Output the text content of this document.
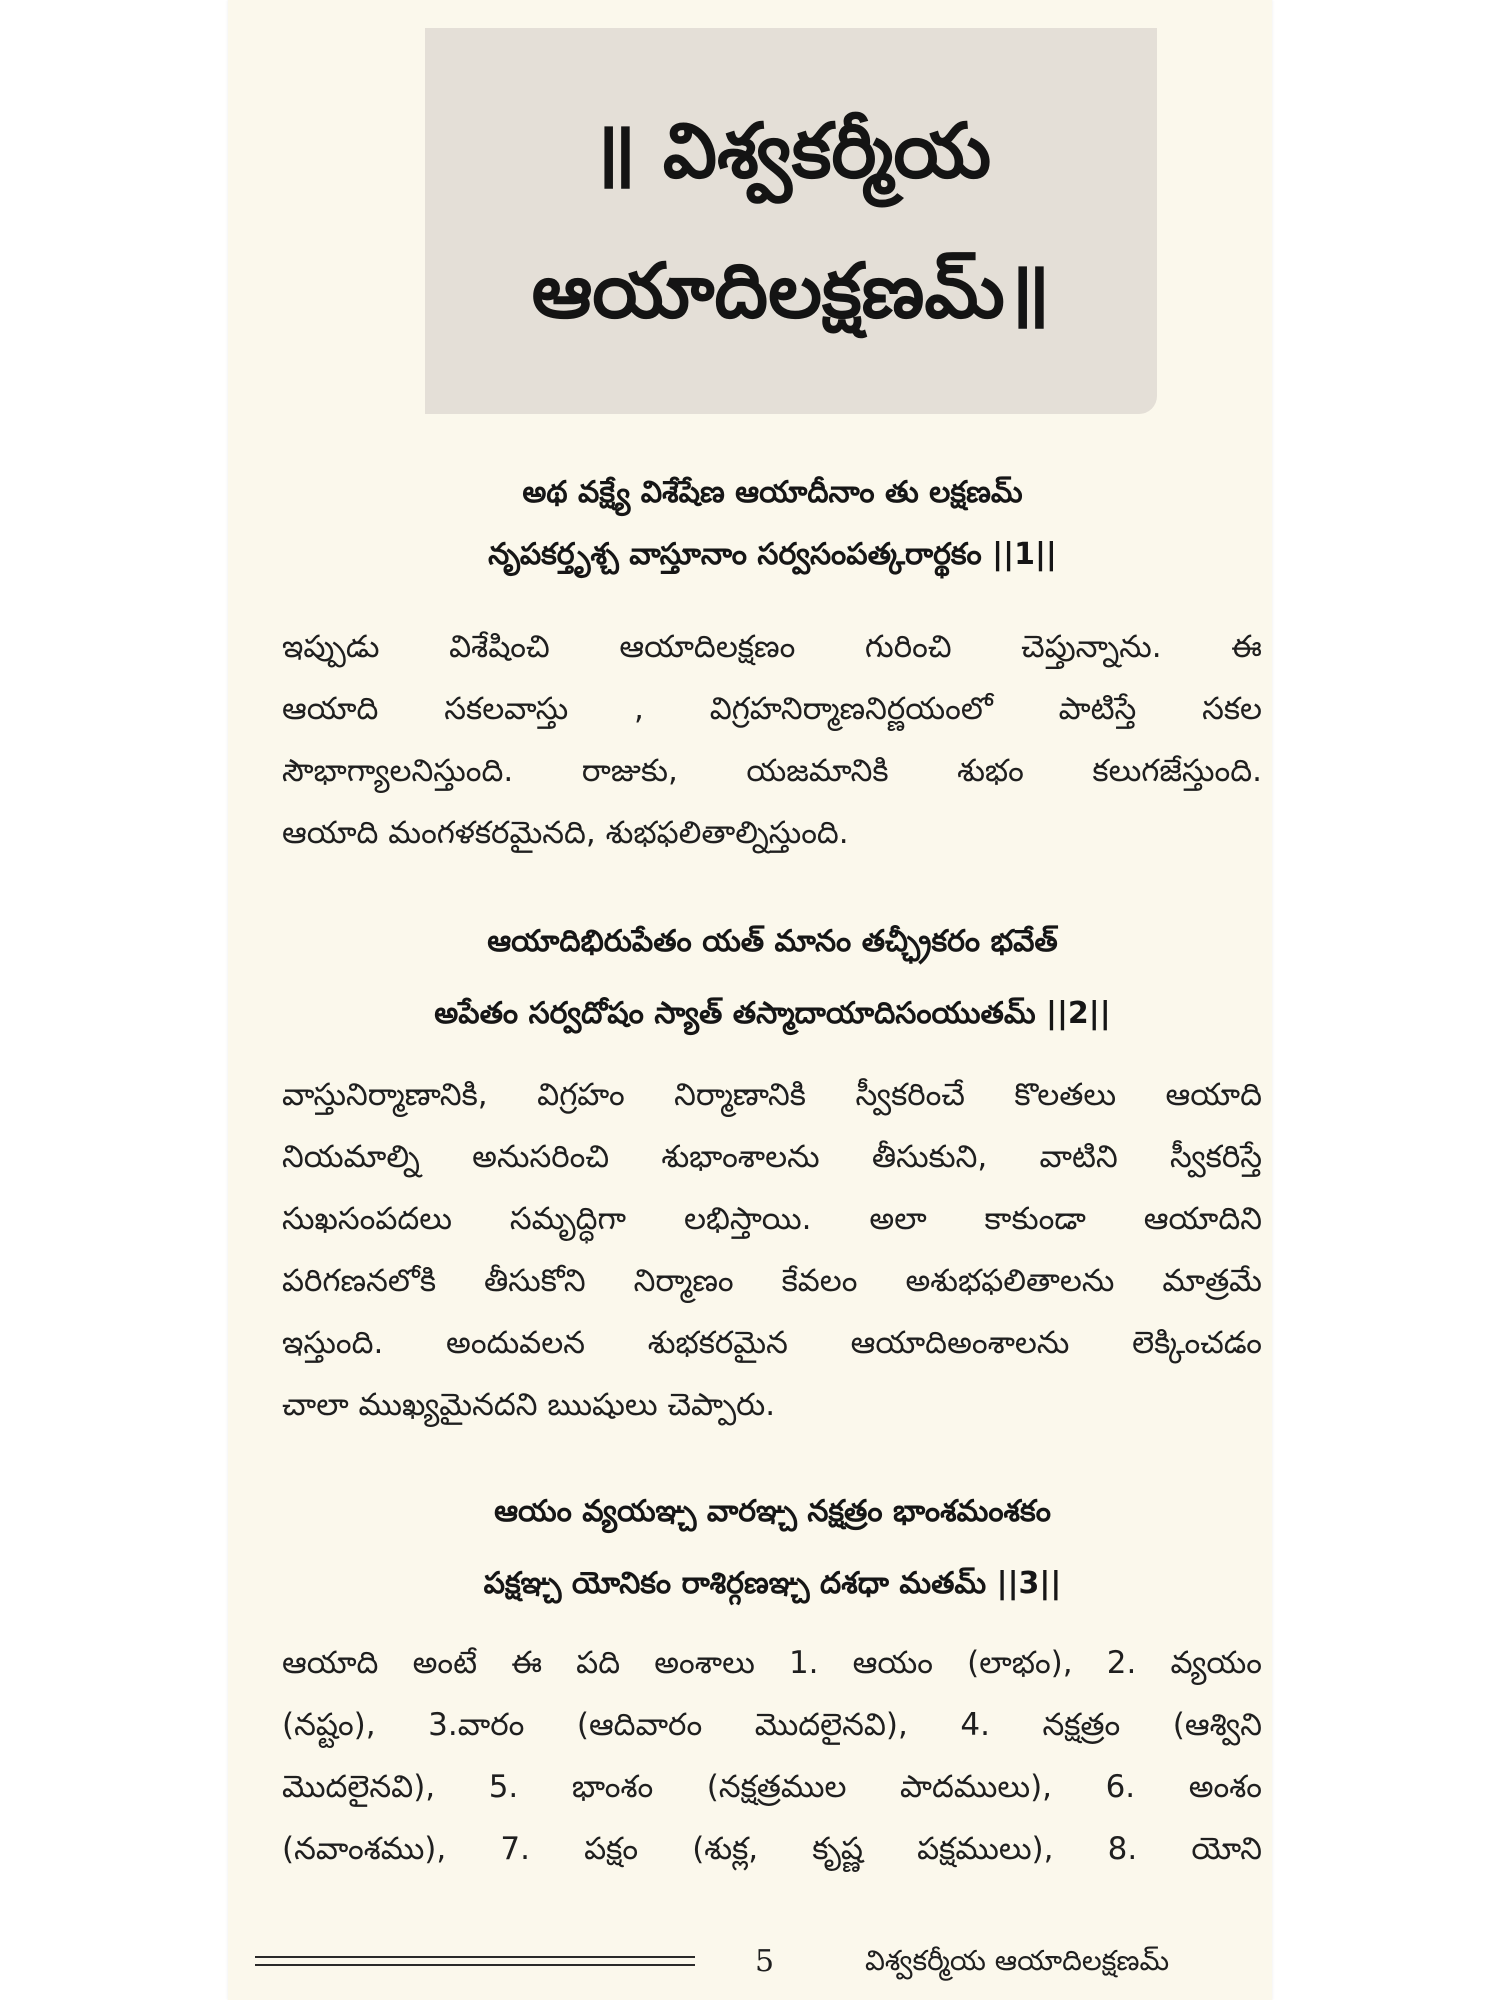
॥ విశ్వకర్మీయ
ఆయాదిలక్షణమ్॥
అథ వక్ష్యే విశేషేణ ఆయాదీనాం తు లక్షణమ్
నృపకర్తృశ్చ వాస్తూనాం సర్వసంపత్కరార్థకం ||1||
ఇప్పుడు విశేషించి ఆయాదిలక్షణం గురించి చెప్తున్నాను. ఈ
ఆయాది సకలవాస్తు , విగ్రహనిర్మాణనిర్ణయంలో పాటిస్తే సకల
సౌభాగ్యాలనిస్తుంది. రాజుకు, యజమానికి శుభం కలుగజేస్తుంది.
ఆయాది మంగళకరమైనది, శుభఫలితాల్నిస్తుంది.
ఆయాదిభిరుపేతం యత్ మానం తచ్ఛ్రీకరం భవేత్
అపేతం సర్వదోషం స్యాత్ తస్మాదాయాదిసంయుతమ్ ||2||
వాస్తునిర్మాణానికి, విగ్రహం నిర్మాణానికి స్వీకరించే కొలతలు ఆయాది
నియమాల్ని అనుసరించి శుభాంశాలను తీసుకుని, వాటిని స్వీకరిస్తే
సుఖసంపదలు సమృద్ధిగా లభిస్తాయి. అలా కాకుండా ఆయాదిని
పరిగణనలోకి తీసుకోని నిర్మాణం కేవలం అశుభఫలితాలను మాత్రమే
ఇస్తుంది. అందువలన శుభకరమైన ఆయాదిఅంశాలను లెక్కించడం
చాలా ముఖ్యమైనదని ఋషులు చెప్పారు.
ఆయం వ్యయఞ్చ వారఞ్చ నక్షత్రం భాంశమంశకం
పక్షఞ్చ యోనికం రాశిర్గణఞ్చ దశధా మతమ్ ||3||
ఆయాది అంటే ఈ పది అంశాలు 1. ఆయం (లాభం), 2. వ్యయం
(నష్టం), 3.వారం (ఆదివారం మొదలైనవి), 4. నక్షత్రం (ఆశ్విని
మొదలైనవి), 5. భాంశం (నక్షత్రముల పాదములు), 6. అంశం
(నవాంశము), 7. పక్షం (శుక్ల, కృష్ణ పక్షములు), 8. యోని
5	విశ్వకర్మీయ ఆయాదిలక్షణమ్
